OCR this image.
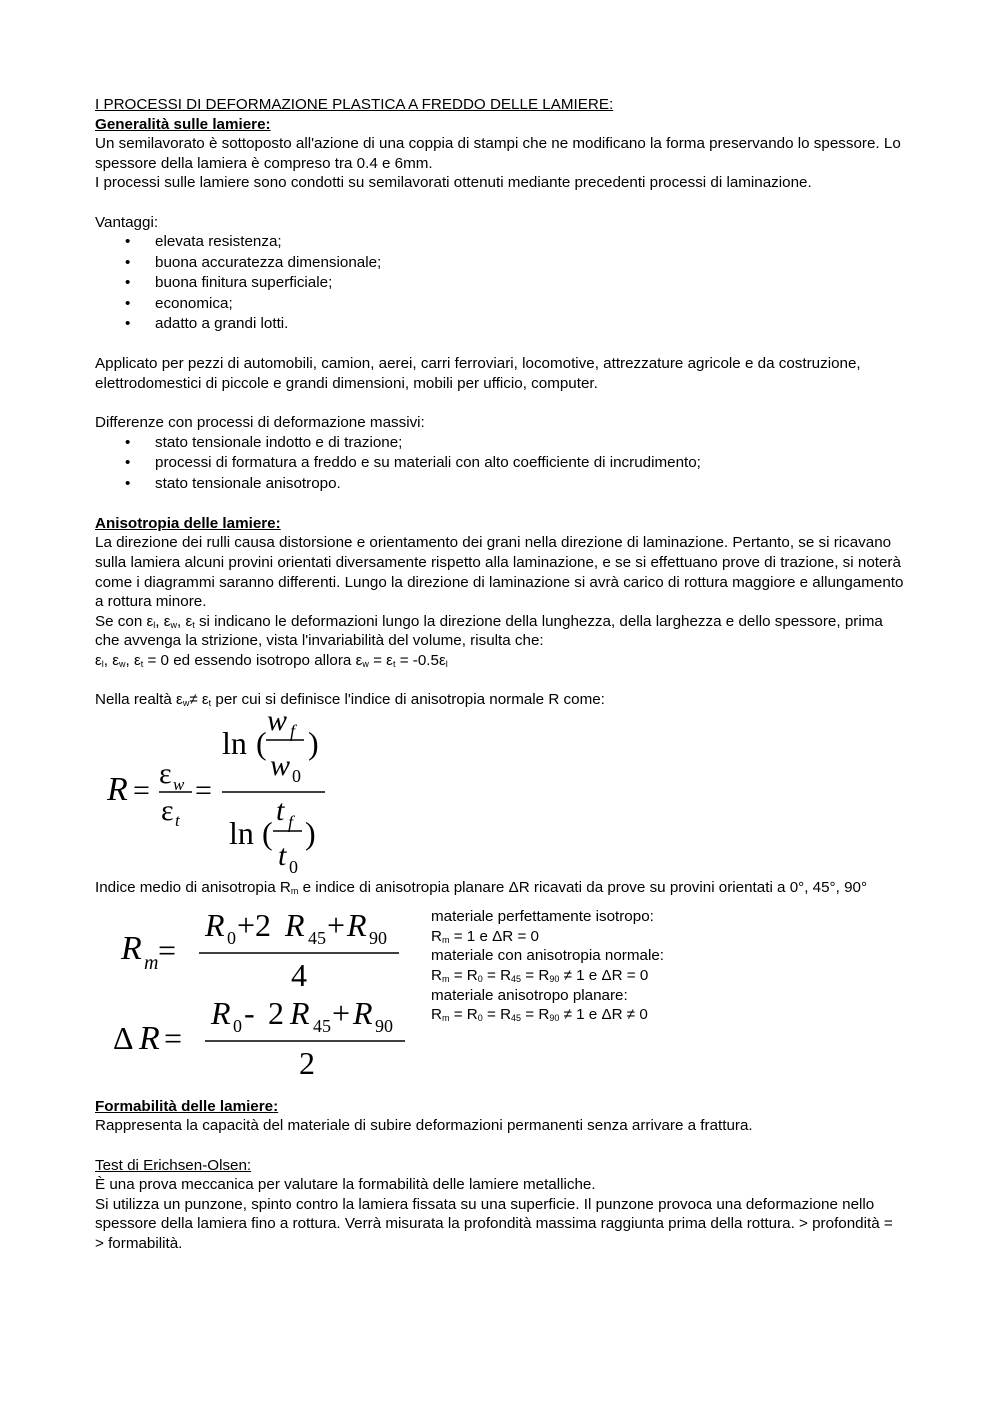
I PROCESSI DI DEFORMAZIONE PLASTICA A FREDDO DELLE LAMIERE:

Generalità sulle lamiere:

Un semilavorato è sottoposto all'azione di una coppia di stampi che ne modificano la forma preservando lo spessore. Lo spessore della lamiera è compreso tra 0.4 e 6mm.

I processi sulle lamiere sono condotti su semilavorati ottenuti mediante precedenti processi di laminazione.

Vantaggi:

• elevata resistenza;
• buona accuratezza dimensionale;
• buona finitura superficiale;
• economica;
• adatto a grandi lotti.

Applicato per pezzi di automobili, camion, aerei, carri ferroviari, locomotive, attrezzature agricole e da costruzione, elettrodomestici di piccole e grandi dimensioni, mobili per ufficio, computer.

Differenze con processi di deformazione massivi:

• stato tensionale indotto e di trazione;
• processi di formatura a freddo e su materiali con alto coefficiente di incrudimento;
• stato tensionale anisotropo.

Anisotropia delle lamiere:

La direzione dei rulli causa distorsione e orientamento dei grani nella direzione di laminazione. Pertanto, se si ricavano sulla lamiera alcuni provini orientati diversamente rispetto alla laminazione, e se si effettuano prove di trazione, si noterà come i diagrammi saranno differenti. Lungo la direzione di laminazione si avrà carico di rottura maggiore e allungamento a rottura minore.

Se con $\varepsilon_l$, $\varepsilon_w$, $\varepsilon_t$ si indicano le deformazioni lungo la direzione della lunghezza, della larghezza e dello spessore, prima che avvenga la strizione, vista l'invariabilità del volume, risulta che:

$\varepsilon_l$, $\varepsilon_w$, $\varepsilon_t = 0$ ed essendo isotropo allora $\varepsilon_w = \varepsilon_t = -0.5\varepsilon_l$

Nella realtà $\varepsilon_w\ne \varepsilon_t$ per cui si definisce l'indice di anisotropia normale R come:

R =
ε w
ε t
=
ln (
w f
w 0
)
ln (
t f
t 0
)

Indice medio di anisotropia $R_m$ e indice di anisotropia planare ΔR ricavati da prove su provini orientati a 0°, 45°, 90°

R m =
R 0 +2 R 45 + R 90
4
Δ R =
R 0 - 2 R 45 + R 90
2

materiale perfettamente isotropo:

$R_m = 1$ e ΔR = 0

materiale con anisotropia normale:

$R_m = R_0 = R_{45} = R_{90} \ne 1$ e ΔR = 0

materiale anisotropo planare:

$R_m = R_0 = R_{45} = R_{90} \ne 1$ e ΔR ≠ 0

Formabilità delle lamiere:

Rappresenta la capacità del materiale di subire deformazioni permanenti senza arrivare a frattura.

Test di Erichsen-Olsen:

È una prova meccanica per valutare la formabilità delle lamiere metalliche.

Si utilizza un punzone, spinto contro la lamiera fissata su una superficie. Il punzone provoca una deformazione nello spessore della lamiera fino a rottura. Verrà misurata la profondità massima raggiunta prima della rottura. > profondità = > formabilità.
